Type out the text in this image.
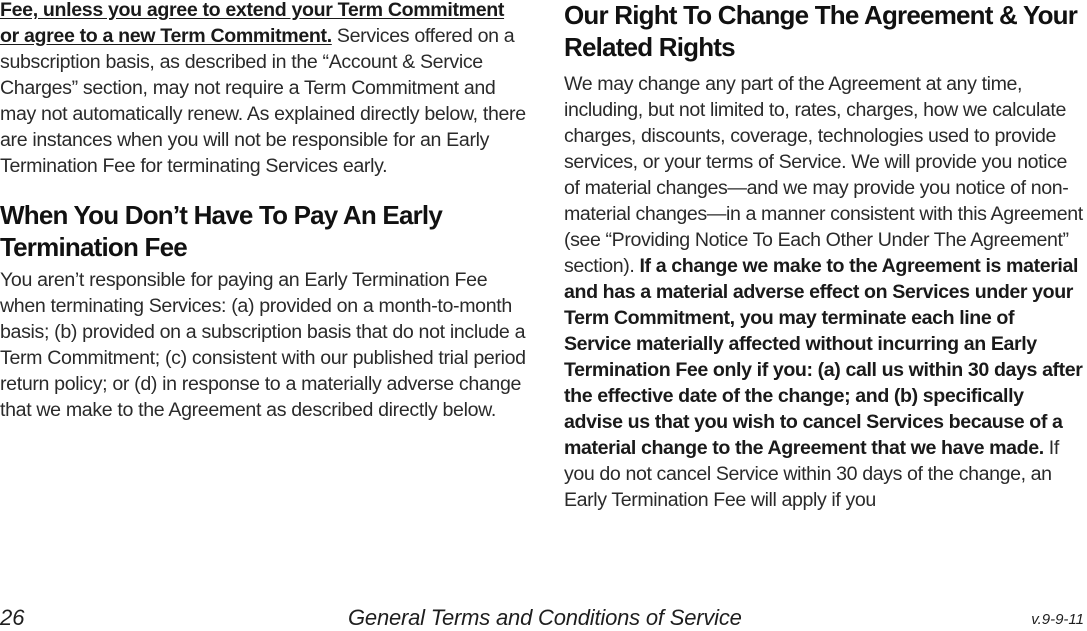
Fee, unless you agree to extend your Term Commitment or agree to a new Term Commitment. Services offered on a subscription basis, as described in the “Account & Service Charges” section, may not require a Term Commitment and may not automatically renew. As explained directly below, there are instances when you will not be responsible for an Early Termination Fee for terminating Services early.

When You Don’t Have To Pay An Early Termination Fee

You aren’t responsible for paying an Early Termination Fee when terminating Services: (a) provided on a month-to-month basis; (b) provided on a subscription basis that do not include a Term Commitment; (c) consistent with our published trial period return policy; or (d) in response to a materially adverse change that we make to the Agreement as described directly below.

Our Right To Change The Agreement & Your Related Rights

We may change any part of the Agreement at any time, including, but not limited to, rates, charges, how we calculate charges, discounts, coverage, technologies used to provide services, or your terms of Service. We will provide you notice of material changes—and we may provide you notice of non-material changes—in a manner consistent with this Agreement (see “Providing Notice To Each Other Under The Agreement” section). If a change we make to the Agreement is material and has a material adverse effect on Services under your Term Commitment, you may terminate each line of Service materially affected without incurring an Early Termination Fee only if you: (a) call us within 30 days after the effective date of the change; and (b) specifically advise us that you wish to cancel Services because of a material change to the Agreement that we have made. If you do not cancel Service within 30 days of the change, an Early Termination Fee will apply if you

26	General Terms and Conditions of Service	v.9-9-11
